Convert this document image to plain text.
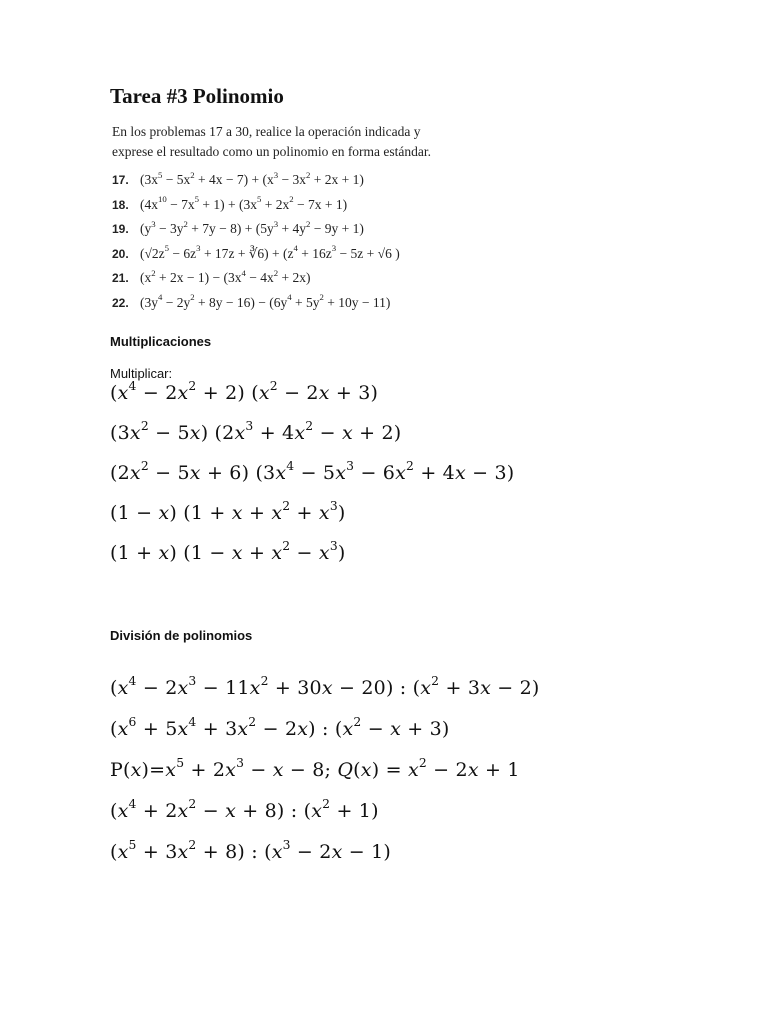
Tarea #3 Polinomio
En los problemas 17 a 30, realice la operación indicada y
exprese el resultado como un polinomio en forma estándar.
17. $(3x^5 - 5x^2 + 4x - 7) + (x^3 - 3x^2 + 2x + 1)$
18. $(4x^{10} - 7x^5 + 1) + (3x^5 + 2x^2 - 7x + 1)$
19. $(y^3 - 3y^2 + 7y - 8) + (5y^3 + 4y^2 - 9y + 1)$
20. ($√2z^5 - 6z^3 + 17z$ + ∛6) + ($z^4 + 16z^3 - 5z + √6$ )
21. $(x^2 + 2x - 1) - (3x^4 - 4x^2 + 2x)$
22. $(3y^4 - 2y^2 + 8y - 16) - (6y^4 + 5y^2 + 10y - 11)$
Multiplicaciones
Multiplicar:
$(x^4 - 2x^2 + 2) (x^2 - 2x + 3)$
$(3x^2 - 5x) (2x^3 + 4x^2 - x + 2)$
$(2x^2 - 5x + 6) (3x^4 - 5x^3 - 6x^2 + 4x - 3)$
(1 − x) $(1 + x + x^2 + x^3)$
(1 + x) $(1 - x + x^2 - x^3)$
División de polinomios
$(x^4 - 2x^3 - 11x^2 + 30x - 20)$ : $(x^2 + 3x - 2)$
$(x^6 + 5x^4 + 3x^2 - 2x)$ : $(x^2 - x + 3)$
$P(x)=x^5 + 2x^3 - x - 8$; $Q(x) = x^2 - 2x + 1$
$(x^4 + 2x^2 - x + 8)$ : $(x^2 + 1)$
$(x^5 + 3x^2 + 8)$ : $(x^3 - 2x - 1)$
